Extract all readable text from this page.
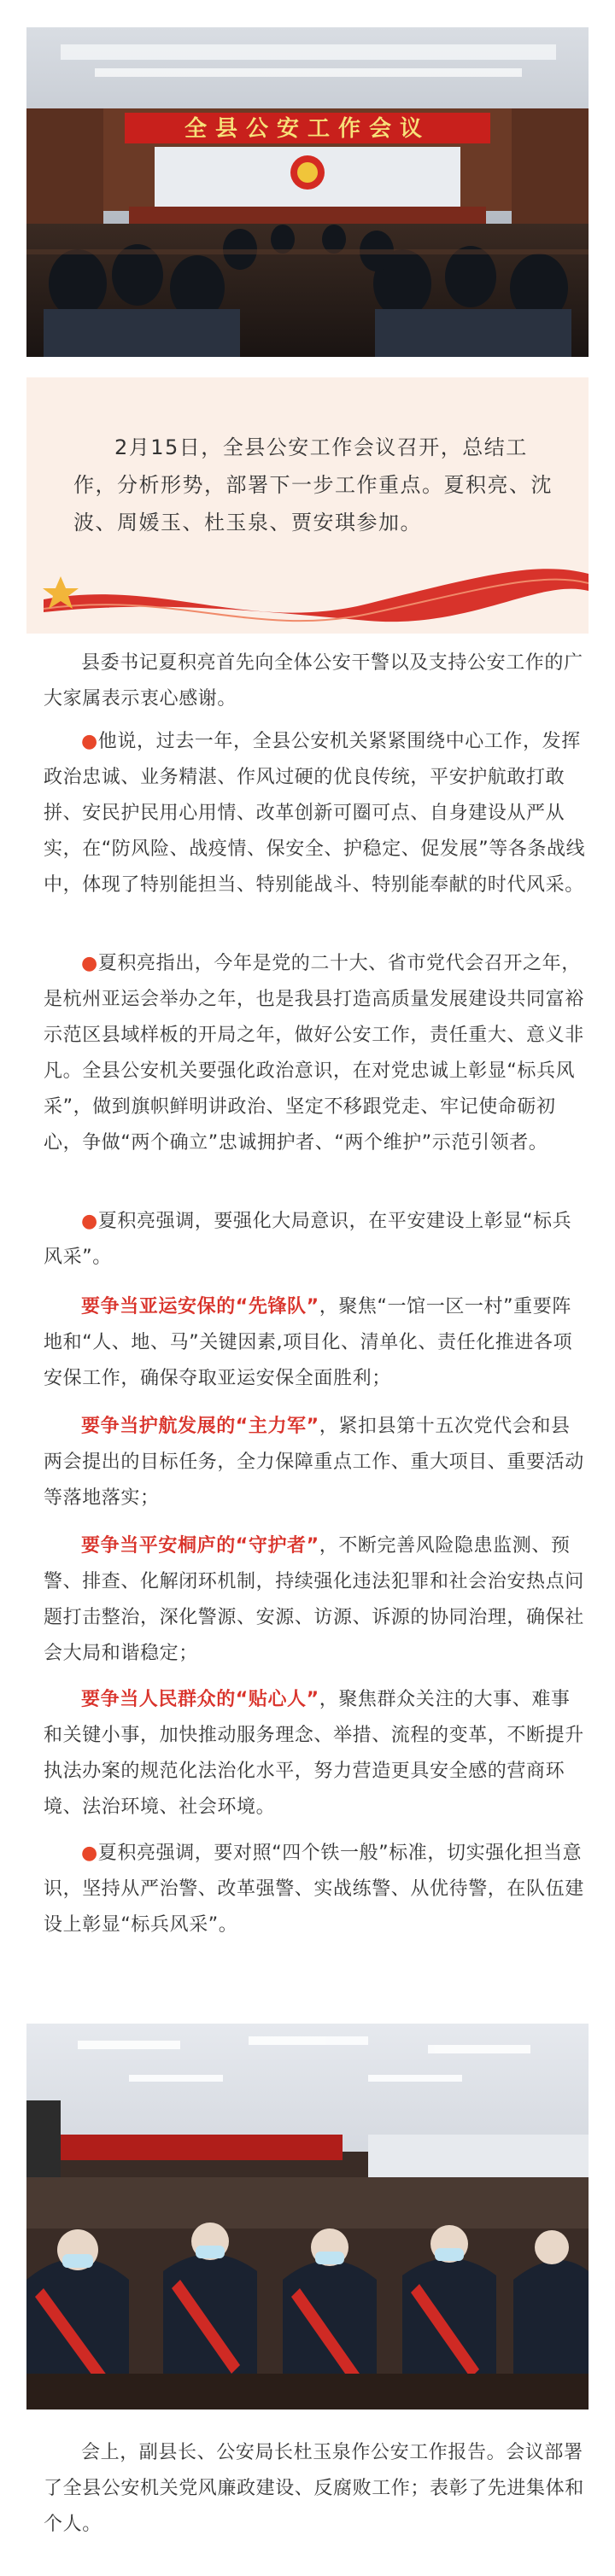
全县公安工作会议

2月15日，全县公安工作会议召开，总结工作，分析形势，部署下一步工作重点。夏积亮、沈波、周媛玉、杜玉泉、贾安琪参加。

县委书记夏积亮首先向全体公安干警以及支持公安工作的广大家属表示衷心感谢。

●他说，过去一年，全县公安机关紧紧围绕中心工作，发挥政治忠诚、业务精湛、作风过硬的优良传统，平安护航敢打敢拼、安民护民用心用情、改革创新可圈可点、自身建设从严从实，在“防风险、战疫情、保安全、护稳定、促发展”等各条战线中，体现了特别能担当、特别能战斗、特别能奉献的时代风采。

●夏积亮指出，今年是党的二十大、省市党代会召开之年，是杭州亚运会举办之年，也是我县打造高质量发展建设共同富裕示范区县域样板的开局之年，做好公安工作，责任重大、意义非凡。全县公安机关要强化政治意识，在对党忠诚上彰显“标兵风采”，做到旗帜鲜明讲政治、坚定不移跟党走、牢记使命砺初心，争做“两个确立”忠诚拥护者、“两个维护”示范引领者。

●夏积亮强调，要强化大局意识，在平安建设上彰显“标兵风采”。

要争当亚运安保的“先锋队”，聚焦“一馆一区一村”重要阵地和“人、地、马”关键因素,项目化、清单化、责任化推进各项安保工作，确保夺取亚运安保全面胜利；

要争当护航发展的“主力军”，紧扣县第十五次党代会和县两会提出的目标任务，全力保障重点工作、重大项目、重要活动等落地落实；

要争当平安桐庐的“守护者”，不断完善风险隐患监测、预警、排查、化解闭环机制，持续强化违法犯罪和社会治安热点问题打击整治，深化警源、安源、访源、诉源的协同治理，确保社会大局和谐稳定；

要争当人民群众的“贴心人”，聚焦群众关注的大事、难事和关键小事，加快推动服务理念、举措、流程的变革，不断提升执法办案的规范化法治化水平，努力营造更具安全感的营商环境、法治环境、社会环境。

●夏积亮强调，要对照“四个铁一般”标准，切实强化担当意识，坚持从严治警、改革强警、实战练警、从优待警，在队伍建设上彰显“标兵风采”。

会上，副县长、公安局长杜玉泉作公安工作报告。会议部署了全县公安机关党风廉政建设、反腐败工作；表彰了先进集体和个人。
